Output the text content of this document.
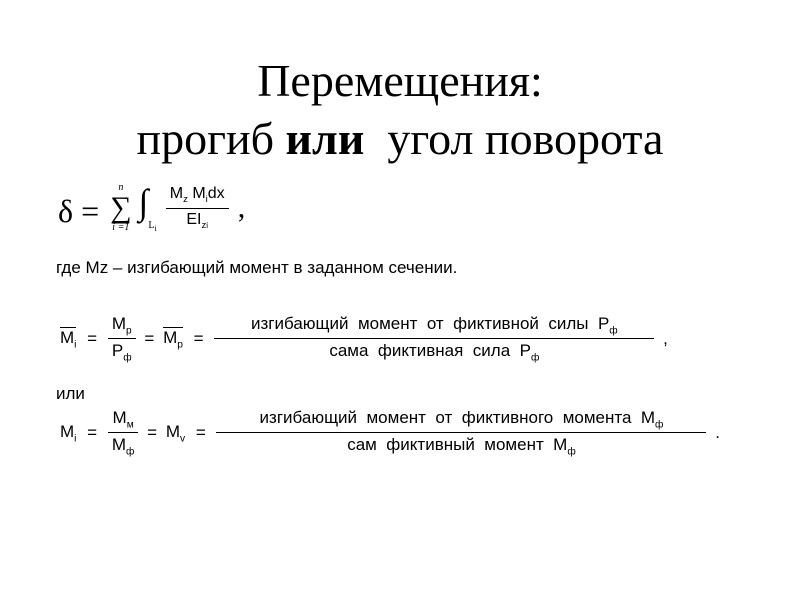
Перемещения:
прогиб или  угол поворота
δ =
n
∑
i =1
$\int_{L_i} \frac{M_z M_idx}{EI_{zi}}$ ,
где Mz – изгибающий момент в заданном сечении.
$M_i = \frac{M_p}{P_ф} = M_p = \frac{изгибающий момент от фиктивной силы P_ф}{сама фиктивная сила P_ф}$ ,
или
$M_i = \frac{M_м}{M_ф} = M_v = \frac{изгибающий момент от фиктивного момента M_ф}{сам фиктивный момент M_ф}$ .
